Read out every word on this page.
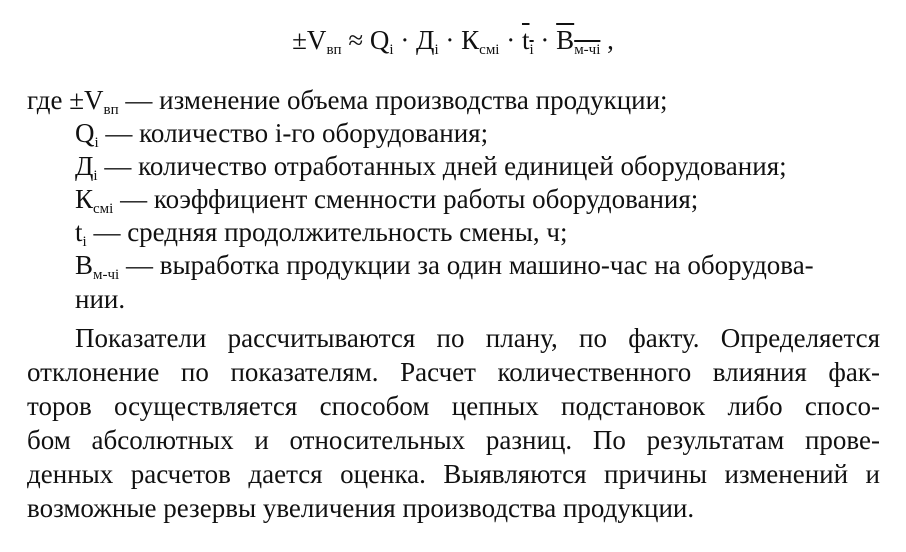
$\pm V_{вп} \approx Q_i \cdot Д_i \cdot К_{смi} \cdot t_i \cdot В_{м-чi}$ ,
где $\pm V_{вп}$ — изменение объема производства продукции;
$Q_i$ — количество i-го оборудования;
$Д_i$ — количество отработанных дней единицей оборудования;
$К_{смi}$ — коэффициент сменности работы оборудования;
$t_i$ — средняя продолжительность смены, ч;
$В_{м-чi}$ — выработка продукции за один машино-час на оборудова-
нии.
Показатели рассчитываются по плану, по факту. Определяется
отклонение по показателям. Расчет количественного влияния фак-
торов осуществляется способом цепных подстановок либо спосо-
бом абсолютных и относительных разниц. По результатам прове-
денных расчетов дается оценка. Выявляются причины изменений и
возможные резервы увеличения производства продукции.
